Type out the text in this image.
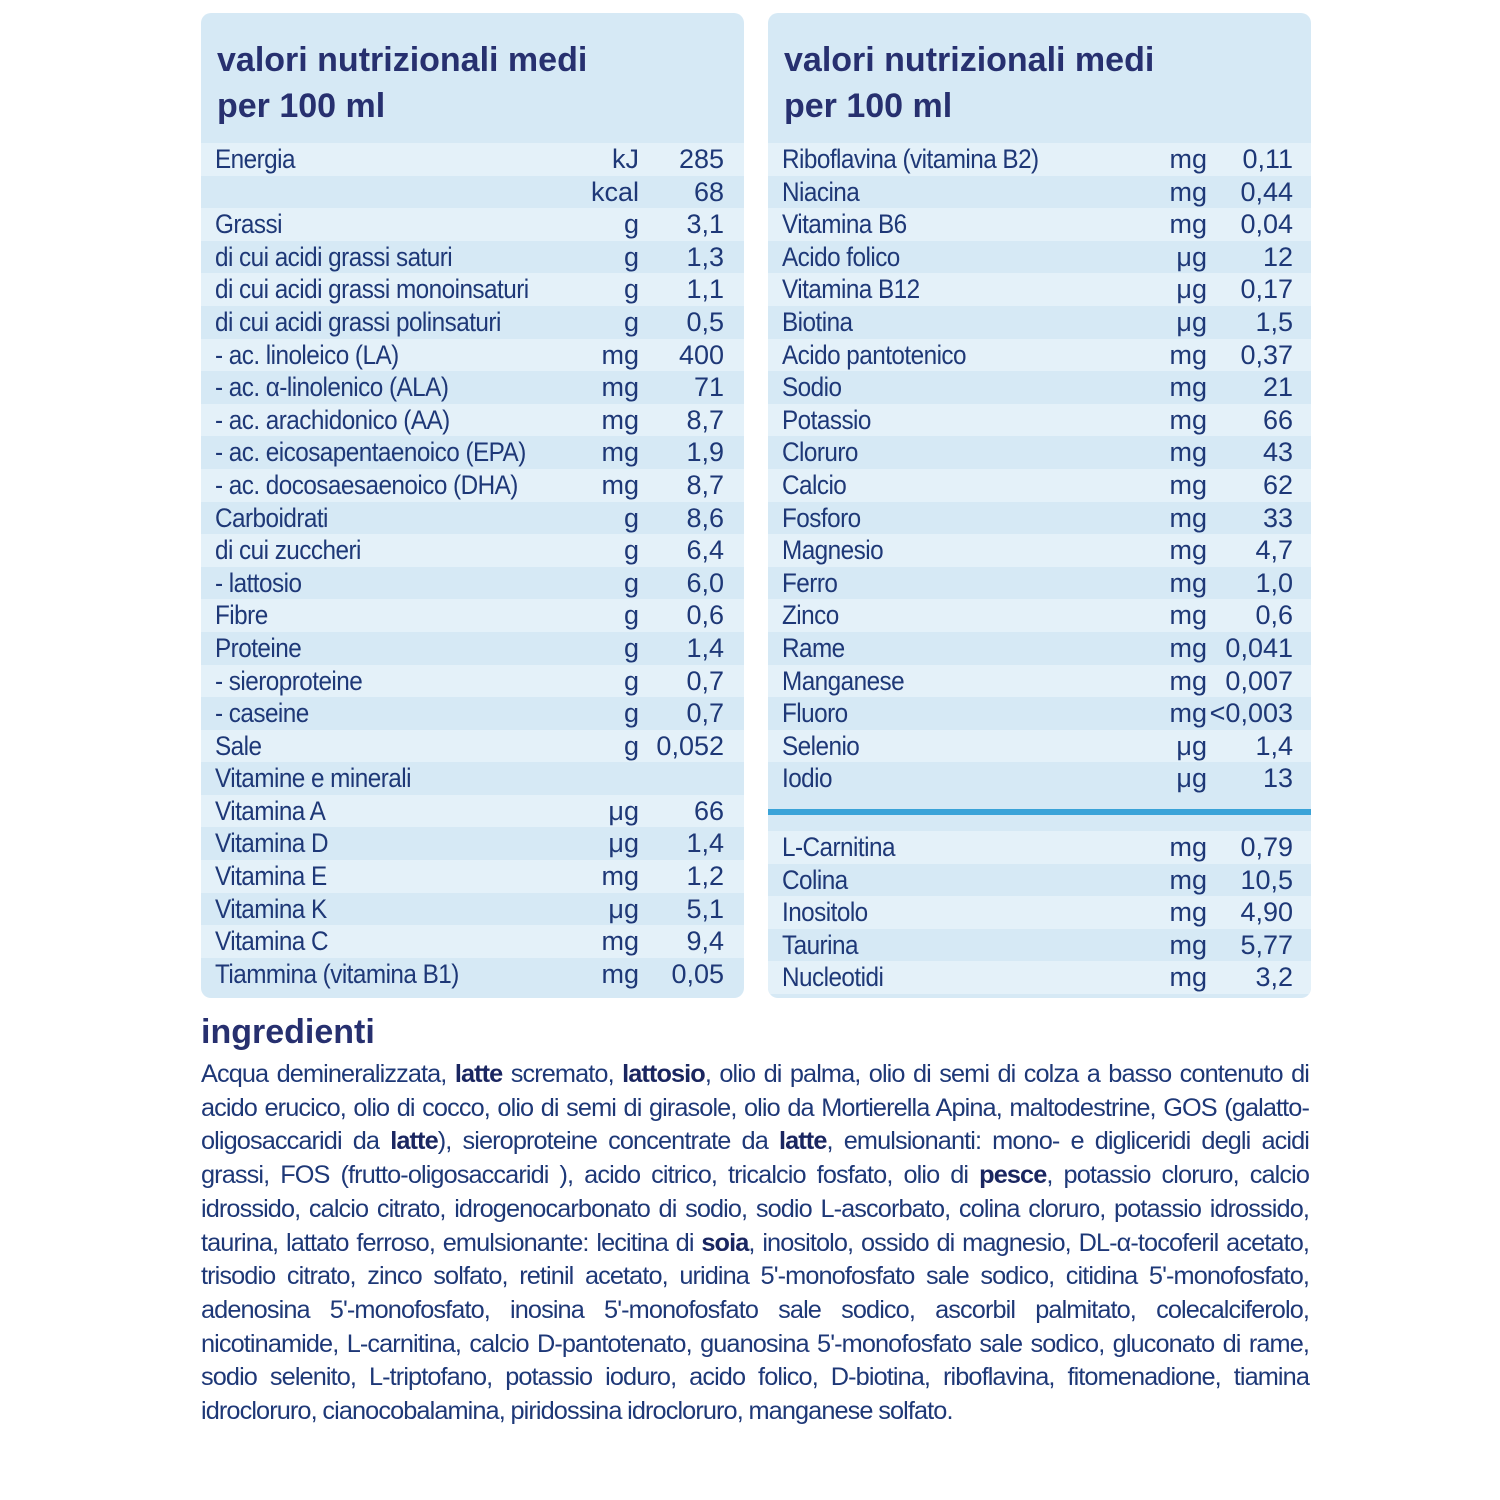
valori nutrizionali medi
per 100 ml
Energia	kJ 285
kcal 68
Grassi	g 3,1
di cui acidi grassi saturi	g 1,3
di cui acidi grassi monoinsaturi	g 1,1
di cui acidi grassi polinsaturi	g 0,5
- ac. linoleico (LA)	mg 400
- ac. α-linolenico (ALA)	mg 71
- ac. arachidonico (AA)	mg 8,7
- ac. eicosapentaenoico (EPA)	mg 1,9
- ac. docosaesaenoico (DHA)	mg 8,7
Carboidrati	g 8,6
di cui zuccheri	g 6,4
- lattosio	g 6,0
Fibre	g 0,6
Proteine	g 1,4
- sieroproteine	g 0,7
- caseine	g 0,7
Sale	g 0,052
Vitamine e minerali
Vitamina A	μg 66
Vitamina D	μg 1,4
Vitamina E	mg 1,2
Vitamina K	μg 5,1
Vitamina C	mg 9,4
Tiammina (vitamina B1)	mg 0,05
valori nutrizionali medi
per 100 ml
Riboflavina (vitamina B2)	mg 0,11
Niacina	mg 0,44
Vitamina B6	mg 0,04
Acido folico	μg 12
Vitamina B12	μg 0,17
Biotina	μg 1,5
Acido pantotenico	mg 0,37
Sodio	mg 21
Potassio	mg 66
Cloruro	mg 43
Calcio	mg 62
Fosforo	mg 33
Magnesio	mg 4,7
Ferro	mg 1,0
Zinco	mg 0,6
Rame	mg 0,041
Manganese	mg 0,007
Fluoro	mg <0,003
Selenio	μg 1,4
Iodio	μg 13
L-Carnitina	mg 0,79
Colina	mg 10,5
Inositolo	mg 4,90
Taurina	mg 5,77
Nucleotidi	mg 3,2
ingredienti

Acqua demineralizzata, latte scremato, lattosio, olio di palma, olio di semi di colza a basso contenuto di acido erucico, olio di cocco, olio di semi di girasole, olio da Mortierella Apina, maltodestrine, GOS (galatto-oligosaccaridi da latte), sieroproteine concentrate da latte, emulsionanti: mono- e digliceridi degli acidi grassi, FOS (frutto-oligosaccaridi ), acido citrico, tricalcio fosfato, olio di pesce, potassio cloruro, calcio idrossido, calcio citrato, idrogenocarbonato di sodio, sodio L-ascorbato, colina cloruro, potassio idrossido, taurina, lattato ferroso, emulsionante: lecitina di soia, inositolo, ossido di magnesio, DL-α-tocoferil acetato, trisodio citrato, zinco solfato, retinil acetato, uridina 5'-monofosfato sale sodico, citidina 5'-monofosfato, adenosina 5'-monofosfato, inosina 5'-monofosfato sale sodico, ascorbil palmitato, colecalciferolo, nicotinamide, L-carnitina, calcio D-pantotenato, guanosina 5'-monofosfato sale sodico, gluconato di rame, sodio selenito, L-triptofano, potassio ioduro, acido folico, D-biotina, riboflavina, fitomenadione, tiamina idrocloruro, cianocobalamina, piridossina idrocloruro, manganese solfato.
